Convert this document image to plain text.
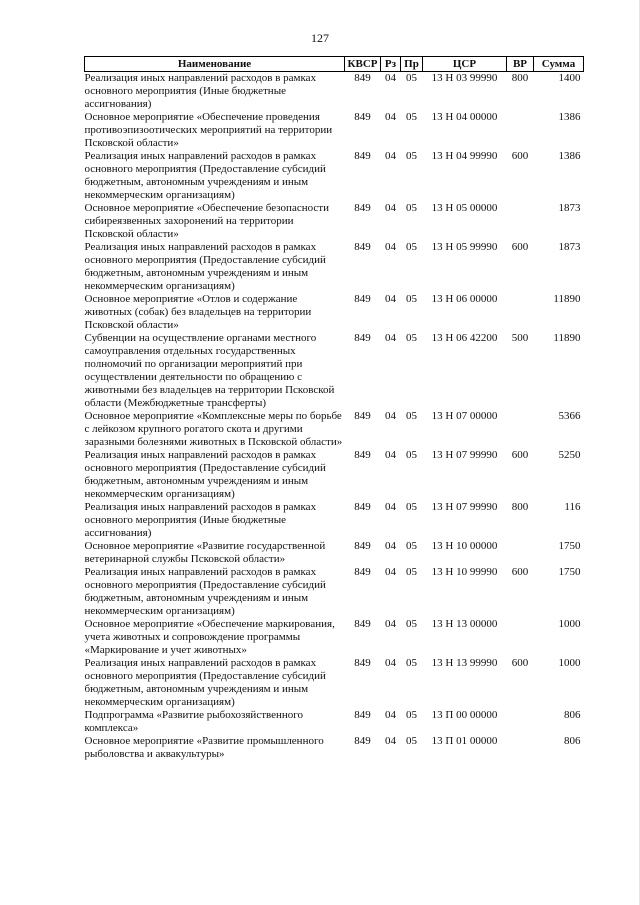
127
Наименование	КВСР	Рз	Пр	ЦСР	ВР	Сумма
Реализация иных направлений расходов в рамках основного мероприятия (Иные бюджетные ассигнования)	849	04	05	13 Н 03 99990	800	1400
Основное мероприятие «Обеспечение проведения противоэпизоотических мероприятий на территории Псковской области»	849	04	05	13 Н 04 00000		1386
Реализация иных направлений расходов в рамках основного мероприятия (Предоставление субсидий бюджетным, автономным учреждениям и иным некоммерческим организациям)	849	04	05	13 Н 04 99990	600	1386
Основное мероприятие «Обеспечение безопасности сибиреязвенных захоронений на территории Псковской области»	849	04	05	13 Н 05 00000		1873
Реализация иных направлений расходов в рамках основного мероприятия (Предоставление субсидий бюджетным, автономным учреждениям и иным некоммерческим организациям)	849	04	05	13 Н 05 99990	600	1873
Основное мероприятие «Отлов и содержание животных (собак) без владельцев на территории Псковской области»	849	04	05	13 Н 06 00000		11890
Субвенции на осуществление органами местного самоуправления отдельных государственных полномочий по организации мероприятий при осуществлении деятельности по обращению с животными без владельцев на территории Псковской области (Межбюджетные трансферты)	849	04	05	13 Н 06 42200	500	11890
Основное мероприятие «Комплексные меры по борьбе с лейкозом крупного рогатого скота и другими заразными болезнями животных в Псковской области»	849	04	05	13 Н 07 00000		5366
Реализация иных направлений расходов в рамках основного мероприятия (Предоставление субсидий бюджетным, автономным учреждениям и иным некоммерческим организациям)	849	04	05	13 Н 07 99990	600	5250
Реализация иных направлений расходов в рамках основного мероприятия (Иные бюджетные ассигнования)	849	04	05	13 Н 07 99990	800	116
Основное мероприятие «Развитие государственной ветеринарной службы Псковской области»	849	04	05	13 Н 10 00000		1750
Реализация иных направлений расходов в рамках основного мероприятия (Предоставление субсидий бюджетным, автономным учреждениям и иным некоммерческим организациям)	849	04	05	13 Н 10 99990	600	1750
Основное мероприятие «Обеспечение маркирования, учета животных и сопровождение программы «Маркирование и учет животных»	849	04	05	13 Н 13 00000		1000
Реализация иных направлений расходов в рамках основного мероприятия (Предоставление субсидий бюджетным, автономным учреждениям и иным некоммерческим организациям)	849	04	05	13 Н 13 99990	600	1000
Подпрограмма «Развитие рыбохозяйственного комплекса»	849	04	05	13 П 00 00000		806
Основное мероприятие «Развитие промышленного рыболовства и аквакультуры»	849	04	05	13 П 01 00000		806
